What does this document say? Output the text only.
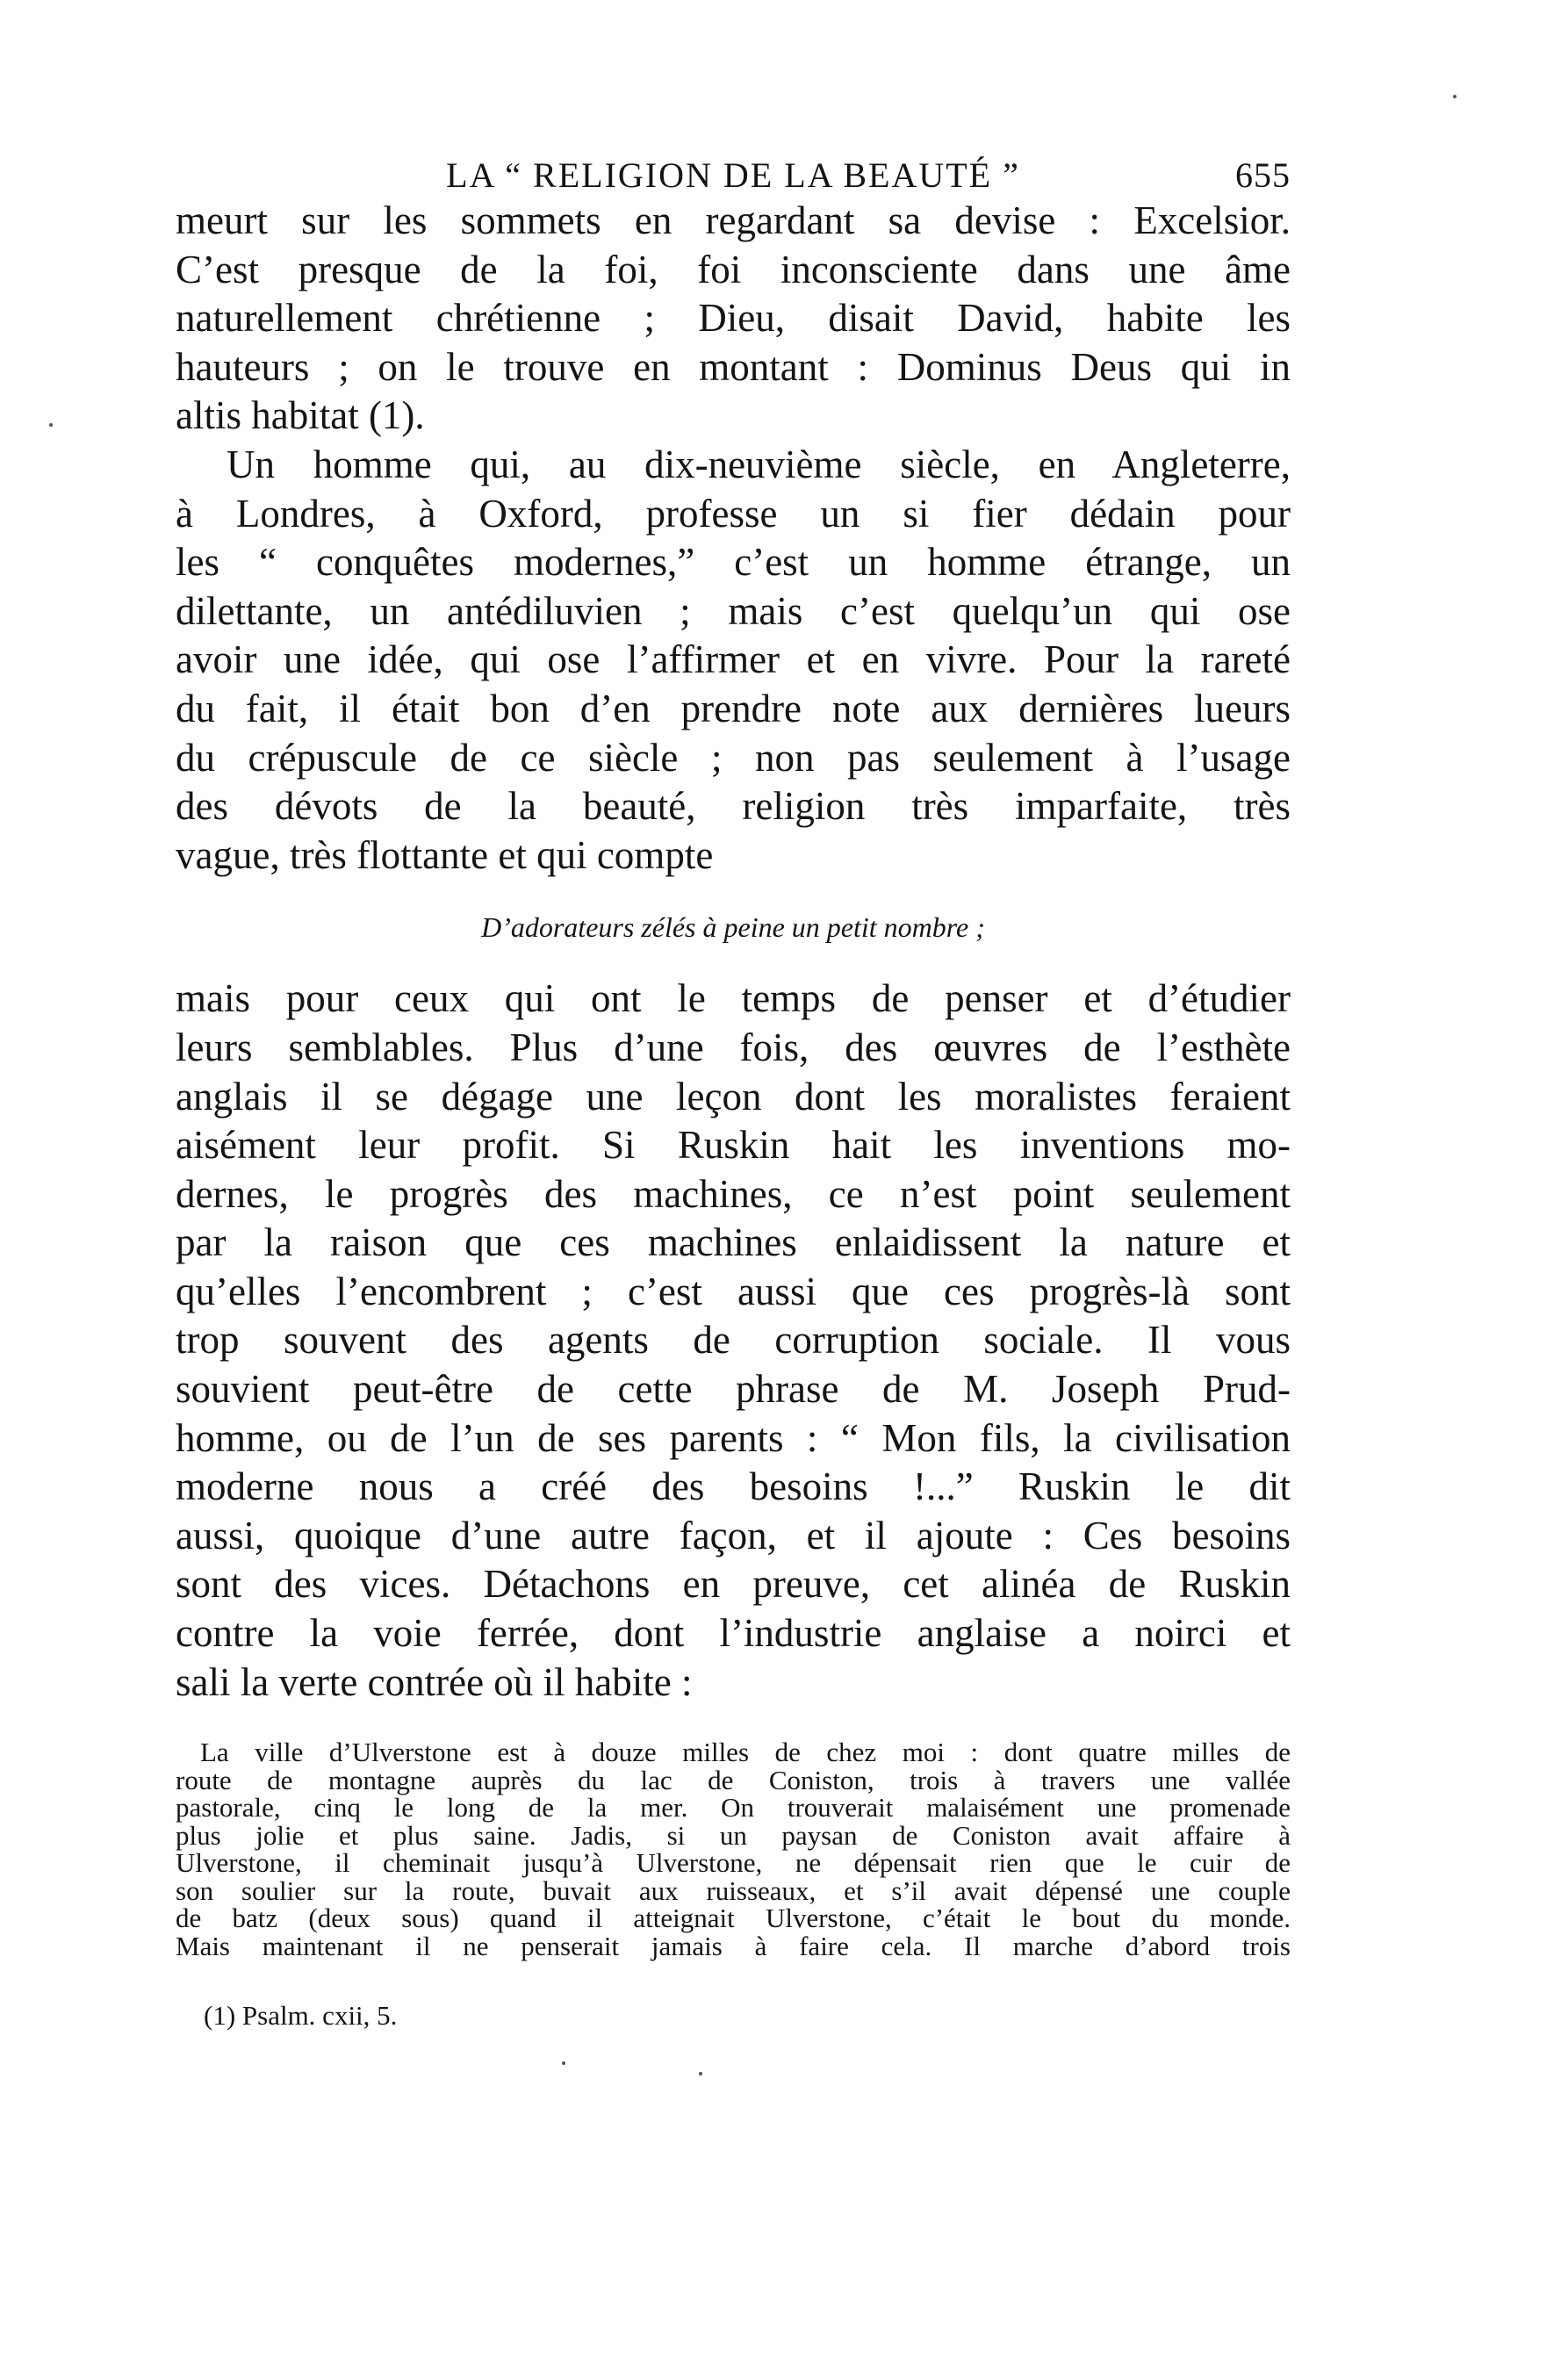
LA “ RELIGION DE LA BEAUTÉ ”	655
meurt sur les sommets en regardant sa devise : Excelsior.
C’est presque de la foi, foi inconsciente dans une âme
naturellement chrétienne ; Dieu, disait David, habite les
hauteurs ; on le trouve en montant : Dominus Deus qui in
altis habitat (1).
Un homme qui, au dix-neuvième siècle, en Angleterre,
à Londres, à Oxford, professe un si fier dédain pour
les “ conquêtes modernes,” c’est un homme étrange, un
dilettante, un antédiluvien ; mais c’est quelqu’un qui ose
avoir une idée, qui ose l’affirmer et en vivre. Pour la rareté
du fait, il était bon d’en prendre note aux dernières lueurs
du crépuscule de ce siècle ; non pas seulement à l’usage
des dévots de la beauté, religion très imparfaite, très
vague, très flottante et qui compte
D’adorateurs zélés à peine un petit nombre ;
mais pour ceux qui ont le temps de penser et d’étudier
leurs semblables. Plus d’une fois, des œuvres de l’esthète
anglais il se dégage une leçon dont les moralistes feraient
aisément leur profit. Si Ruskin hait les inventions mo-
dernes, le progrès des machines, ce n’est point seulement
par la raison que ces machines enlaidissent la nature et
qu’elles l’encombrent ; c’est aussi que ces progrès-là sont
trop souvent des agents de corruption sociale. Il vous
souvient peut-être de cette phrase de M. Joseph Prud-
homme, ou de l’un de ses parents : “ Mon fils, la civilisation
moderne nous a créé des besoins !...” Ruskin le dit
aussi, quoique d’une autre façon, et il ajoute : Ces besoins
sont des vices. Détachons en preuve, cet alinéa de Ruskin
contre la voie ferrée, dont l’industrie anglaise a noirci et
sali la verte contrée où il habite :
La ville d’Ulverstone est à douze milles de chez moi : dont quatre milles de
route de montagne auprès du lac de Coniston, trois à travers une vallée
pastorale, cinq le long de la mer. On trouverait malaisément une promenade
plus jolie et plus saine. Jadis, si un paysan de Coniston avait affaire à
Ulverstone, il cheminait jusqu’à Ulverstone, ne dépensait rien que le cuir de
son soulier sur la route, buvait aux ruisseaux, et s’il avait dépensé une couple
de batz (deux sous) quand il atteignait Ulverstone, c’était le bout du monde.
Mais maintenant il ne penserait jamais à faire cela. Il marche d’abord trois
(1) Psalm. cxii, 5.
